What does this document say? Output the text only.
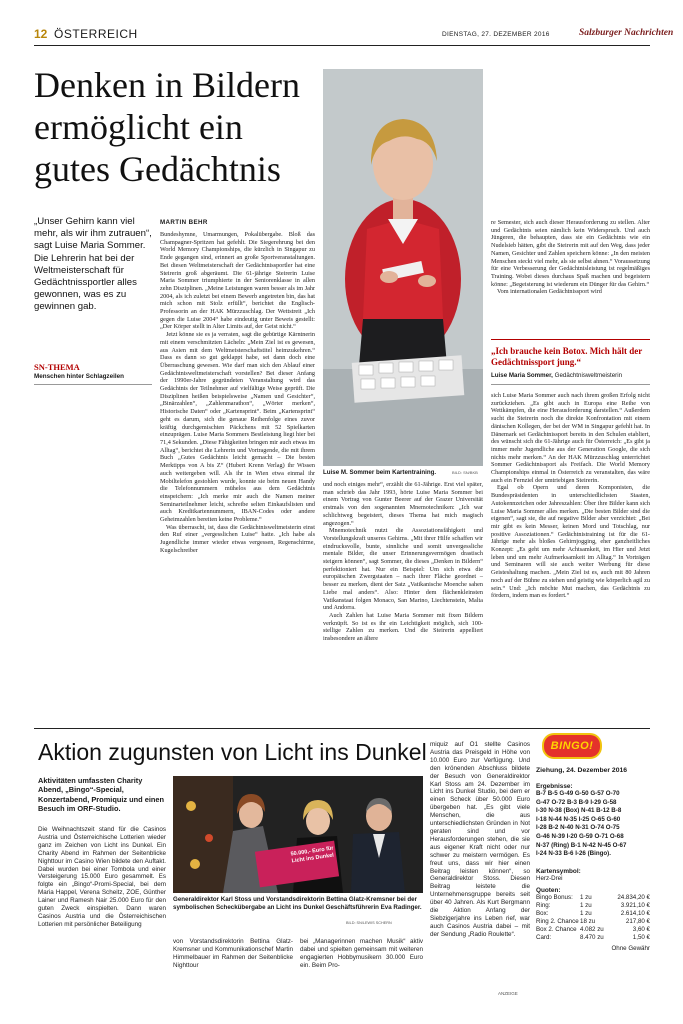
12 ÖSTERREICH	DIENSTAG, 27. DEZEMBER 2016	Salzburger Nachrichten
Denken in Bildern
ermöglicht ein
gutes Gedächtnis
„Unser Gehirn kann viel mehr, als wir ihm zutrauen“, sagt Luise Maria Sommer. Die Lehrerin hat bei der Weltmeisterschaft für Gedächtnissportler alles gewonnen, was es zu gewinnen gab.
SN-THEMA
Menschen hinter Schlagzeilen
MARTIN BEHR

Bundeshymne, Umarmungen, Pokalübergabe. Bloß das Champagner-Spritzen hat gefehlt. Die Siegerehrung bei den World Memory Championships, die kürzlich in Singapur zu Ende gegangen sind, erinnert an große Sportveranstaltungen. Bei diesen Weltmeisterschaft der Gedächtnissportler hat eine Steirerin groß abgeräumt. Die 61-jährige Steirerin Luise Maria Sommer triumphierte in der Seniorenklasse in allen zehn Disziplinen. „Meine Leistungen waren besser als im Jahr 2004, als ich zuletzt bei einem Bewerb angetreten bin, das hat mich schon mit Stolz erfüllt“, berichtet die Englisch-Professorin an der HAK Mürzzuschlag. Der Wettstreit „Ich gegen die Luise 2004“ habe eindeutig unter Beweis gestellt: „Der Körper stellt in Alter Limits auf, der Geist nicht.“

Jetzt könne sie es ja verraten, sagt die gebürtige Kärntnerin mit einem verschmitzten Lächeln: „Mein Ziel ist es gewesen, aus Asien mit dem Weltmeisterschaftstitel heimzukehren.“ Dass es dann so gut geklappt habe, sei dann doch eine Überraschung gewesen. Wie darf man sich den Ablauf einer Gedächtnisweltmeisterschaft vorstellen? Bei dieser Anfang der 1990er-Jahre gegründeten Veranstaltung wird das Gedächtnis der Teilnehmer auf vielfältige Weise geprüft. Die Disziplinen heißen beispielsweise „Namen und Gesichter“, „Binärzahlen“, „Zahlenmarathon“, „Wörter merken“, Historische Daten“ oder „Kartensprint“. Beim „Kartensprint“ geht es darum, sich die genaue Reihenfolge eines zuvor kräftig durchgemischten Päckchens mit 52 Spielkarten einzuprägen. Luise Maria Sommers Bestleistung liegt hier bei 71,4 Sekunden. „Diese Fähigkeiten bringen mir auch etwas im Alltag“, berichtet die Lehrerin und Vortragende, die mit ihrem Buch „Gutes Gedächtnis leicht gemacht – Die besten Merktipps von A bis Z“ (Hubert Krenn Verlag) ihr Wissen auch weitergeben will. Als ihr in Wien etwa einmal ihr Mobiltelefon gestohlen wurde, konnte sie beim neuen Handy die Telefonnummern mühelos aus dem Gedächtnis einspeichern: „Ich merke mir auch die Namen meiner Seminarteilnehmer leicht, schreibe selten Einkaufslisten und auch Kreditkartennummern, IBAN-Codes oder andere Geheimzahlen bereiten keine Probleme.“

Was überrascht, ist, dass die Gedächtnisweltmeisterin einst den Ruf einer „vergesslichen Luise“ hatte. „Ich habe als Jugendliche immer wieder etwas vergessen, Regenschirme, Kugelschreiber

Luise M. Sommer beim Kartentraining.	BILD: SN/BKB

und noch einiges mehr“, erzählt die 61-Jährige. Erst viel später, man schrieb das Jahr 1993, hörte Luise Maria Sommer bei einem Vortrag von Gunter Beerer auf der Grazer Universität erstmals von den sogenannten Mnemotechniken: „Ich war schlichtweg begeistert, dieses Thema hat mich magisch angezogen.“

Mnemotechnik nutzt die Assoziationsfähigkeit und Vorstellungskraft unseres Gehirns. „Mit ihrer Hilfe schaffen wir eindrucksvolle, bunte, sinnliche und somit unvergessliche mentale Bilder, die unser Erinnerungsvermögen drastisch steigern können“, sagt Sommer, die dieses „Denken in Bildern“ perfektioniert hat. Nur ein Beispiel: Um sich etwa die europäischen Zwergstaaten – nach ihrer Fläche geordnet – besser zu merken, dient der Satz „Vatikanische Moenche sahen Liebe mal anders“. Also: Hinter dem flächenkleinsten Vatikanstaat folgen Monaco, San Marino, Liechtenstein, Malta und Andorra.

Auch Zahlen hat Luise Maria Sommer mit fixen Bildern verknüpft. So ist es ihr ein Leichtigkeit möglich, sich 100-stellige Zahlen zu merken. Und die Steirerin appelliert insbesondere an ältere

re Semester, sich auch dieser Herausforderung zu stellen. Alter und Gedächtnis seien nämlich kein Widerspruch. Und auch Jüngeren, die behaupten, dass sie ein Gedächtnis wie ein Nudelsieb hätten, gibt die Steirerin mit auf den Weg, dass jeder Namen, Gesichter und Zahlen speichern könne: „In den meisten Menschen steckt viel mehr, als sie selbst ahnen.“ Voraussetzung für eine Verbesserung der Gedächtnisleistung ist regelmäßiges Training. Wobei dieses durchaus Spaß machen und begeistern könne: „Begeisterung ist wiederum ein Dünger für das Gehirn.“

Vom internationalen Gedächtnissport wird

„Ich brauche kein Botox. Mich hält der Gedächtnissport jung.“
Luise Maria Sommer, Gedächtnisweltmeisterin

sich Luise Maria Sommer auch nach ihrem großen Erfolg nicht zurückziehen. „Es gibt auch in Europa eine Reihe von Wettkämpfen, die eine Herausforderung darstellen.“ Außerdem sucht die Steirerin noch die direkte Konfrontation mit einem dänischen Kollegen, der bei der WM in Singapur gefehlt hat. In Dänemark sei Gedächtnissport bereits in den Schulen etabliert, des wünscht sich die 61-Jährige auch für Österreich: „Es gibt ja immer mehr Jugendliche aus der Generation Google, die sich nichts mehr merken.“ An der HAK Mürzzuschlag unterrichtet Sommer Gedächtnissport als Freifach. Die World Memory Championships einmal in Österreich zu veranstalten, das wäre auch ein Fernziel der umtriebigen Steirerin.

Egal ob Opern und deren Komponisten, die Bundespräsidenten in unterschiedlichsten Staaten, Autokennzeichen oder Jahreszahlen: Über ihre Bilder kann sich Luise Maria Sommer alles merken. „Die besten Bilder sind die eigenen“, sagt sie, die auf negative Bilder aber verzichtet: „Bei mir gibt es kein Messer, keinen Mord und Totschlag, nur positive Assoziationen.“ Gedächtnistraining ist für die 61-Jährige mehr als bloßes Gehirnjogging, eher ganzheitliches Konzept: „Es geht um mehr Achtsamkeit, im Hier und Jetzt leben und um mehr Aufmerksamkeit im Alltag.“ In Vorträgen und Seminaren will sie auch weiter Werbung für diese Geisteshaltung machen. „Mein Ziel ist es, auch mit 80 Jahren noch auf der Bühne zu stehen und geistig wie körperlich agil zu sein.“ Und: „Ich möchte Mut machen, das Gedächtnis zu fördern, indem man es fordert.“

Aktion zugunsten von Licht ins Dunkel
Aktivitäten umfassten Charity Abend, „Bingo“-Special, Konzertabend, Promiquiz und einen Besuch im ORF-Studio.
Die Weihnachtszeit stand für die Casinos Austria und Österreichische Lotterien wieder ganz im Zeichen von Licht ins Dunkel. Ein Charity Abend im Rahmen der Seitenblicke Nighttour im Casino Wien bildete den Auftakt. Dabei wurden bei einer Tombola und einer Versteigerung 15.000 Euro gesammelt. Es folgte ein „Bingo“-Promi-Special, bei dem Maria Happel, Verena Scheitz, ZOE, Günther Lainer und Ramesh Nair 25.000 Euro für den guten Zweck einspielten. Dann waren Casinos Austria und die Österreichischen Lotterien mit persönlicher Beteiligung
50.000,- Euro für Licht ins Dunkel
Generaldirektor Karl Stoss und Vorstandsdirektorin Bettina Glatz-Kremsner bei der symbolischen Scheckübergabe an Licht ins Dunkel Geschäftsführerin Eva Radinger.
BILD: SN/LEWIS SCHERN
von Vorstandsdirektorin Bettina Glatz-Kremsner und Kommunikationschef Martin Himmelbauer im Rahmen der Seitenblicke Nighttour
bei „Managerinnen machen Musik“ aktiv dabei und spielten gemeinsam mit weiteren engagierten Hobbymusikern 30.000 Euro ein. Beim Pro-
miquiz auf Ö1 stellte Casinos Austria das Preisgeld in Höhe von 10.000 Euro zur Verfügung. Und den krönenden Abschluss bildete der Besuch von Generaldirektor Karl Stoss am 24. Dezember im Licht ins Dunkel Studio, bei dem er einen Scheck über 50.000 Euro übergeben hat. „Es gibt viele Menschen, die aus unterschiedlichsten Gründen in Not geraten sind und vor Herausforderungen stehen, die sie aus eigener Kraft nicht oder nur schwer zu meistern vermögen. Es freut uns, dass wir hier einen Beitrag leisten können“, so Generaldirektor Stoss. Diesen Beitrag leistete die Unternehmensgruppe bereits seit über 40 Jahren. Als Kurt Bergmann die Aktion Anfang der Siebzigerjahre ins Leben rief, war auch Casinos Austria dabei – mit der Sendung „Radio Roulette“.
ANZEIGE
BINGO!
Ziehung, 24. Dezember 2016
Ergebnisse:
B-7 B-5 G-49 G-50 G-57 O-70
G-47 O-72 B-3 B-9 I-29 G-58
I-30 N-38 (Box) N-41 B-12 B-8
I-18 N-44 N-35 I-25 O-65 G-60
I-28 B-2 N-40 N-31 O-74 O-75
G-46 N-39 I-20 G-59 O-71 O-68
N-37 (Ring) B-1 N-42 N-45 O-67
I-24 N-33 B-6 I-26 (Bingo).
Kartensymbol:
Herz-Drei
Quoten:
Bingo Bonus:	1 zu	24.834,20 €
Ring:	1 zu	3.921,10 €
Box:	1 zu	2.614,10 €
Ring 2. Chance 18 zu	217,80 €
Box 2. Chance 4.082 zu	3,60 €
Card:	8.470 zu	1,50 €
Ohne Gewähr
